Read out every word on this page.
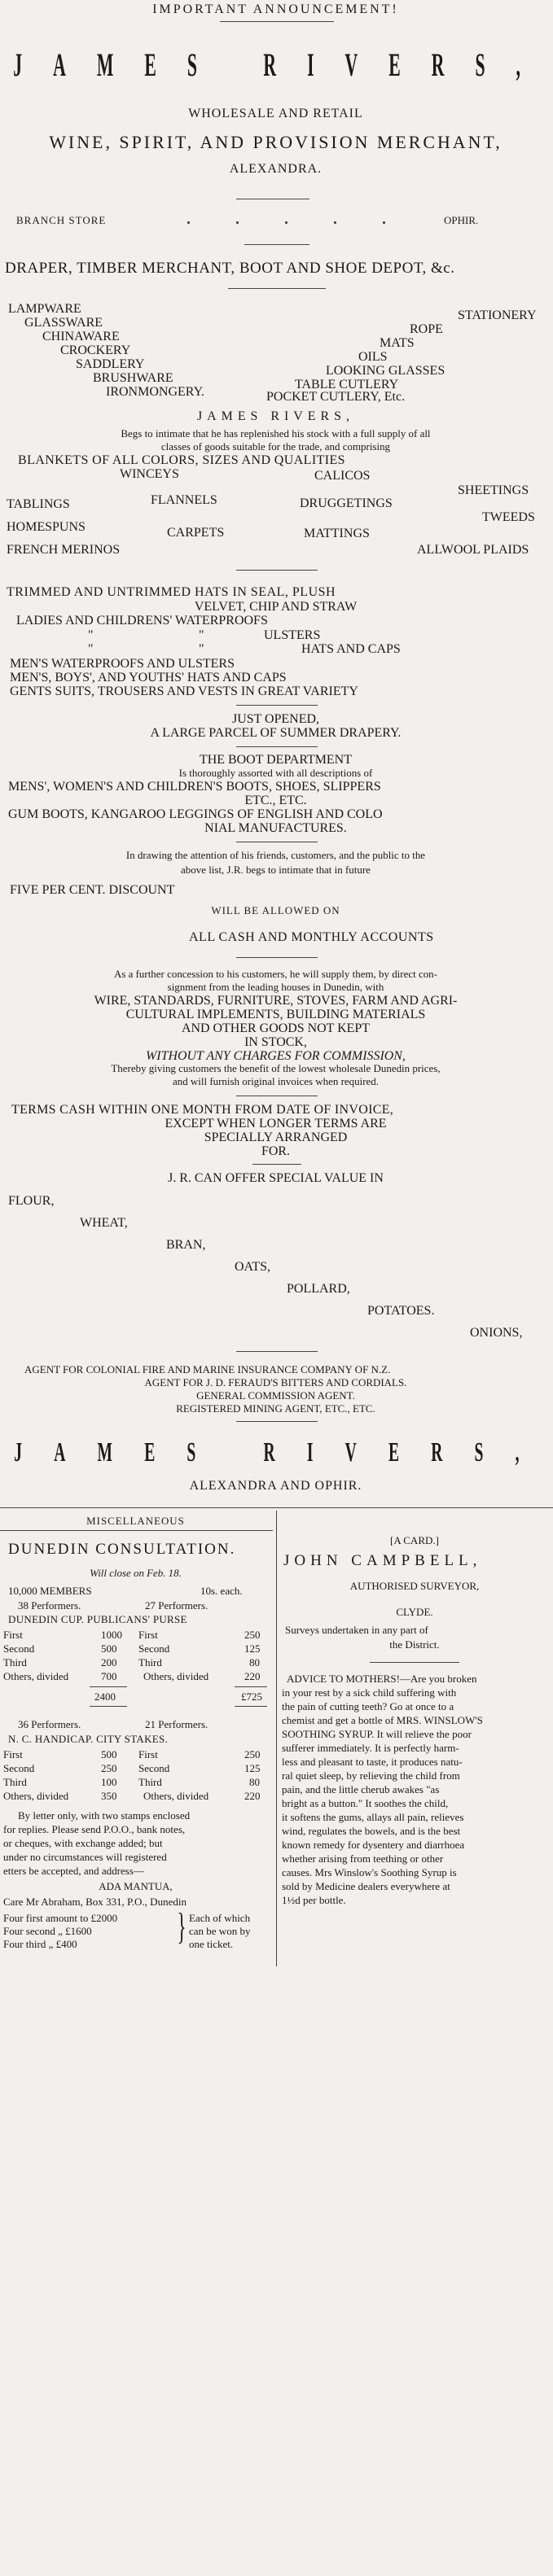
IMPORTANT ANNOUNCEMENT!
JAMES RIVERS,
WHOLESALE AND RETAIL
WINE, SPIRIT, AND PROVISION MERCHANT,
ALEXANDRA.
BRANCH STORE	OPHIR.
DRAPER, TIMBER MERCHANT, BOOT AND SHOE DEPOT, &c.
LAMPWARE
GLASSWARE
CHINAWARE
CROCKERY
SADDLERY
BRUSHWARE
IRONMONGERY.
STATIONERY
ROPE
MATS
OILS
LOOKING GLASSES
TABLE CUTLERY
POCKET CUTLERY, Etc.
JAMES RIVERS,
Begs to intimate that he has replenished his stock with a full supply of all
classes of goods suitable for the trade, and comprising
BLANKETS OF ALL COLORS, SIZES AND QUALITIES
WINCEYS	CALICOS
SHEETINGS
TABLINGS	FLANNELS	DRUGGETINGS
TWEEDS
HOMESPUNS	CARPETS	MATTINGS
FRENCH MERINOS	ALLWOOL PLAIDS
TRIMMED AND UNTRIMMED HATS IN SEAL, PLUSH
VELVET, CHIP AND STRAW
LADIES AND CHILDRENS' WATERPROOFS
"	"	ULSTERS
"	"	HATS AND CAPS
MEN'S WATERPROOFS AND ULSTERS
MEN'S, BOYS', AND YOUTHS' HATS AND CAPS
GENTS SUITS, TROUSERS AND VESTS IN GREAT VARIETY
JUST OPENED,
A LARGE PARCEL OF SUMMER DRAPERY.
THE BOOT DEPARTMENT
Is thoroughly assorted with all descriptions of
MENS', WOMEN'S AND CHILDREN'S BOOTS, SHOES, SLIPPERS
ETC., ETC.
GUM BOOTS, KANGAROO LEGGINGS OF ENGLISH AND COLO
NIAL MANUFACTURES.
In drawing the attention of his friends, customers, and the public to the
above list, J.R. begs to intimate that in future
FIVE PER CENT. DISCOUNT
WILL BE ALLOWED ON
ALL CASH AND MONTHLY ACCOUNTS
As a further concession to his customers, he will supply them, by direct con-
signment from the leading houses in Dunedin, with
WIRE, STANDARDS, FURNITURE, STOVES, FARM AND AGRI-
CULTURAL IMPLEMENTS, BUILDING MATERIALS
AND OTHER GOODS NOT KEPT
IN STOCK,
WITHOUT ANY CHARGES FOR COMMISSION,
Thereby giving customers the benefit of the lowest wholesale Dunedin prices,
and will furnish original invoices when required.
TERMS CASH WITHIN ONE MONTH FROM DATE OF INVOICE,
EXCEPT WHEN LONGER TERMS ARE
SPECIALLY ARRANGED
FOR.
J. R. CAN OFFER SPECIAL VALUE IN
FLOUR,
WHEAT,
BRAN,
OATS,
POLLARD,
POTATOES.
ONIONS,
AGENT FOR COLONIAL FIRE AND MARINE INSURANCE COMPANY OF N.Z.
AGENT FOR J. D. FERAUD'S BITTERS AND CORDIALS.
GENERAL COMMISSION AGENT.
REGISTERED MINING AGENT, ETC., ETC.
JAMES RIVERS,
ALEXANDRA AND OPHIR.
MISCELLANEOUS
DUNEDIN CONSULTATION.
Will close on Feb. 18.
10,000 MEMBERS	10s. each.
38 Performers.	27 Performers.
DUNEDIN CUP. PUBLICANS' PURSE
First	1000 First	250
Second	500 Second	125
Third	200 Third	80
Others, divided	700	Others, divided	220
2400	£725
36 Performers.	21 Performers.
N. C. HANDICAP. CITY STAKES.
First	500 First	250
Second	250 Second	125
Third	100 Third	80
Others, divided	350	Others, divided	220
By letter only, with two stamps enclosed
for replies. Please send P.O.O., bank notes,
or cheques, with exchange added; but
under no circumstances will registered
etters be accepted, and address—
ADA MANTUA,
Care Mr Abraham, Box 331, P.O., Dunedin
Four first amount to £2000
Four second „ £1600
Four third „ £400	} Each of which
can be won by
one ticket.
[A CARD.]
JOHN CAMPBELL,
AUTHORISED SURVEYOR,
CLYDE.
Surveys undertaken in any part of
the District.
ADVICE TO MOTHERS!—Are you broken
in your rest by a sick child suffering with
the pain of cutting teeth? Go at once to a
chemist and get a bottle of MRS. WINSLOW'S
SOOTHING SYRUP. It will relieve the poor
sufferer immediately. It is perfectly harm-
less and pleasant to taste, it produces natu-
ral quiet sleep, by relieving the child from
pain, and the little cherub awakes "as
bright as a button." It soothes the child,
it softens the gums, allays all pain, relieves
wind, regulates the bowels, and is the best
known remedy for dysentery and diarrhoea
whether arising from teething or other
causes. Mrs Winslow's Soothing Syrup is
sold by Medicine dealers everywhere at
1½d per bottle.
